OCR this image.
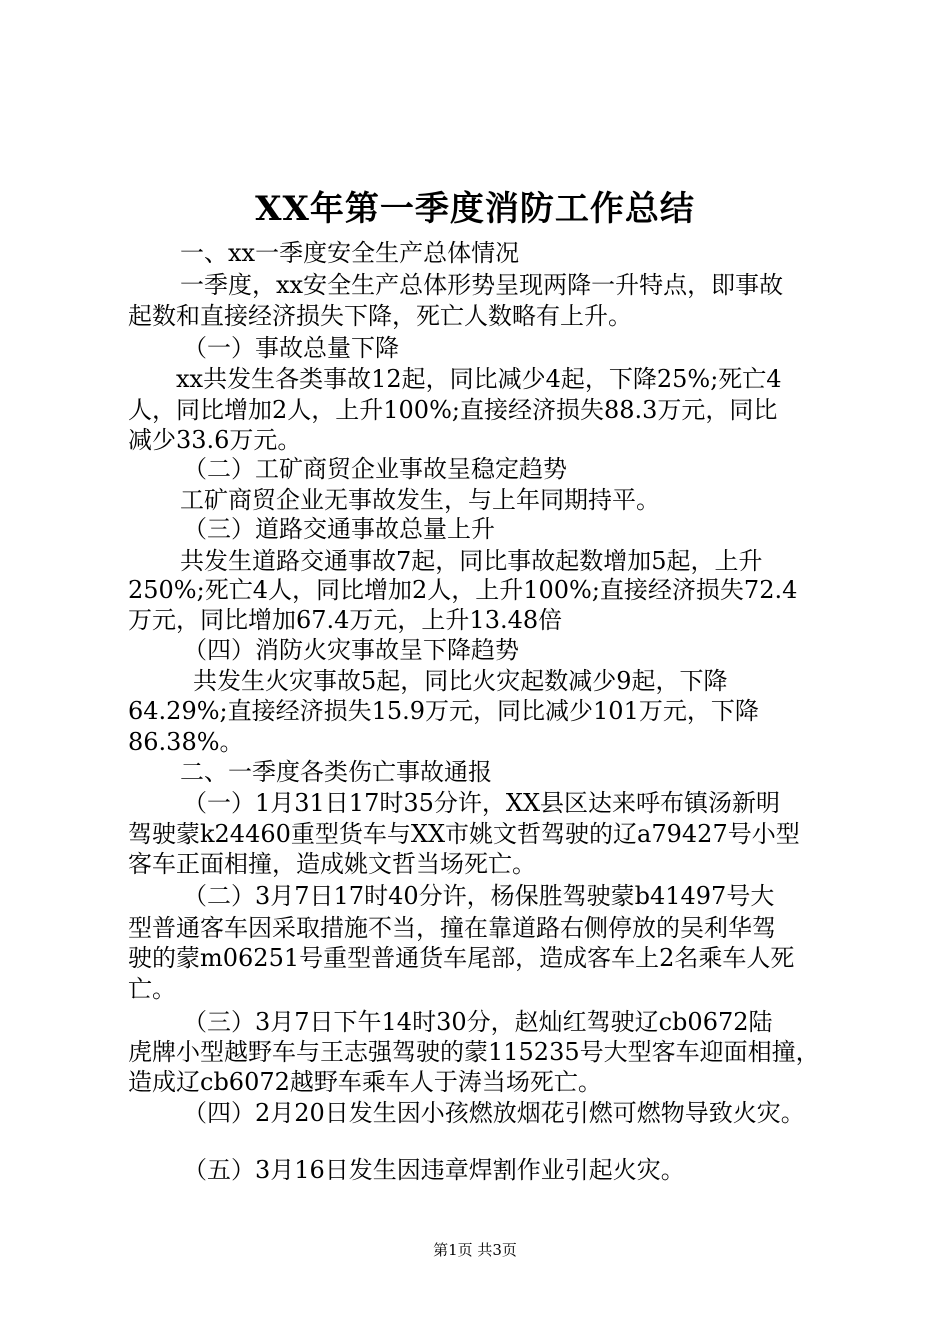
XX年第一季度消防工作总结
一、xx一季度安全生产总体情况
一季度，xx安全生产总体形势呈现两降一升特点，即事故
起数和直接经济损失下降，死亡人数略有上升。
（一）事故总量下降
xx共发生各类事故12起，同比减少4起，下降25%;死亡4
人，同比增加2人，上升100%;直接经济损失88.3万元，同比
减少33.6万元。
（二）工矿商贸企业事故呈稳定趋势
工矿商贸企业无事故发生，与上年同期持平。
（三）道路交通事故总量上升
共发生道路交通事故7起，同比事故起数增加5起，上升
250%;死亡4人，同比增加2人，上升100%;直接经济损失72.4
万元，同比增加67.4万元，上升13.48倍
（四）消防火灾事故呈下降趋势
共发生火灾事故5起，同比火灾起数减少9起，下降
64.29%;直接经济损失15.9万元，同比减少101万元，下降
86.38%。
二、一季度各类伤亡事故通报
（一）1月31日17时35分许，XX县区达来呼布镇汤新明
驾驶蒙k24460重型货车与XX市姚文哲驾驶的辽a79427号小型
客车正面相撞，造成姚文哲当场死亡。
（二）3月7日17时40分许，杨保胜驾驶蒙b41497号大
型普通客车因采取措施不当，撞在靠道路右侧停放的吴利华驾
驶的蒙m06251号重型普通货车尾部，造成客车上2名乘车人死
亡。
（三）3月7日下午14时30分，赵灿红驾驶辽cb0672陆
虎牌小型越野车与王志强驾驶的蒙115235号大型客车迎面相撞，
造成辽cb6072越野车乘车人于涛当场死亡。
（四）2月20日发生因小孩燃放烟花引燃可燃物导致火灾。
（五）3月16日发生因违章焊割作业引起火灾。
第1页 共3页
